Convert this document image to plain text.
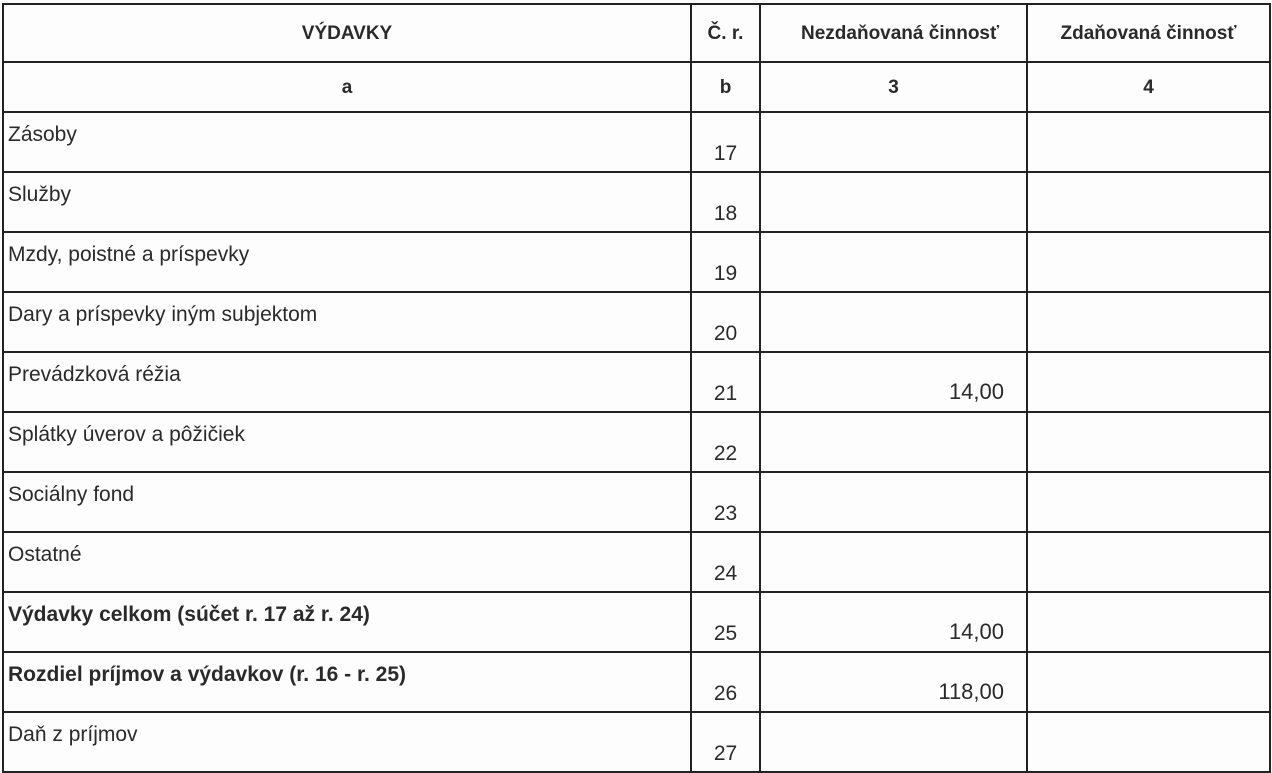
VÝDAVKY	Č. r.	Nezdaňovaná činnosť	Zdaňovaná činnosť
a	b	3	4
Zásoby	17		
Služby	18		
Mzdy, poistné a príspevky	19		
Dary a príspevky iným subjektom	20		
Prevádzková réžia	21	14,00	
Splátky úverov a pôžičiek	22		
Sociálny fond	23		
Ostatné	24		
Výdavky celkom (súčet r. 17 až r. 24)	25	14,00	
Rozdiel príjmov a výdavkov (r. 16 - r. 25)	26	118,00	
Daň z príjmov	27		
